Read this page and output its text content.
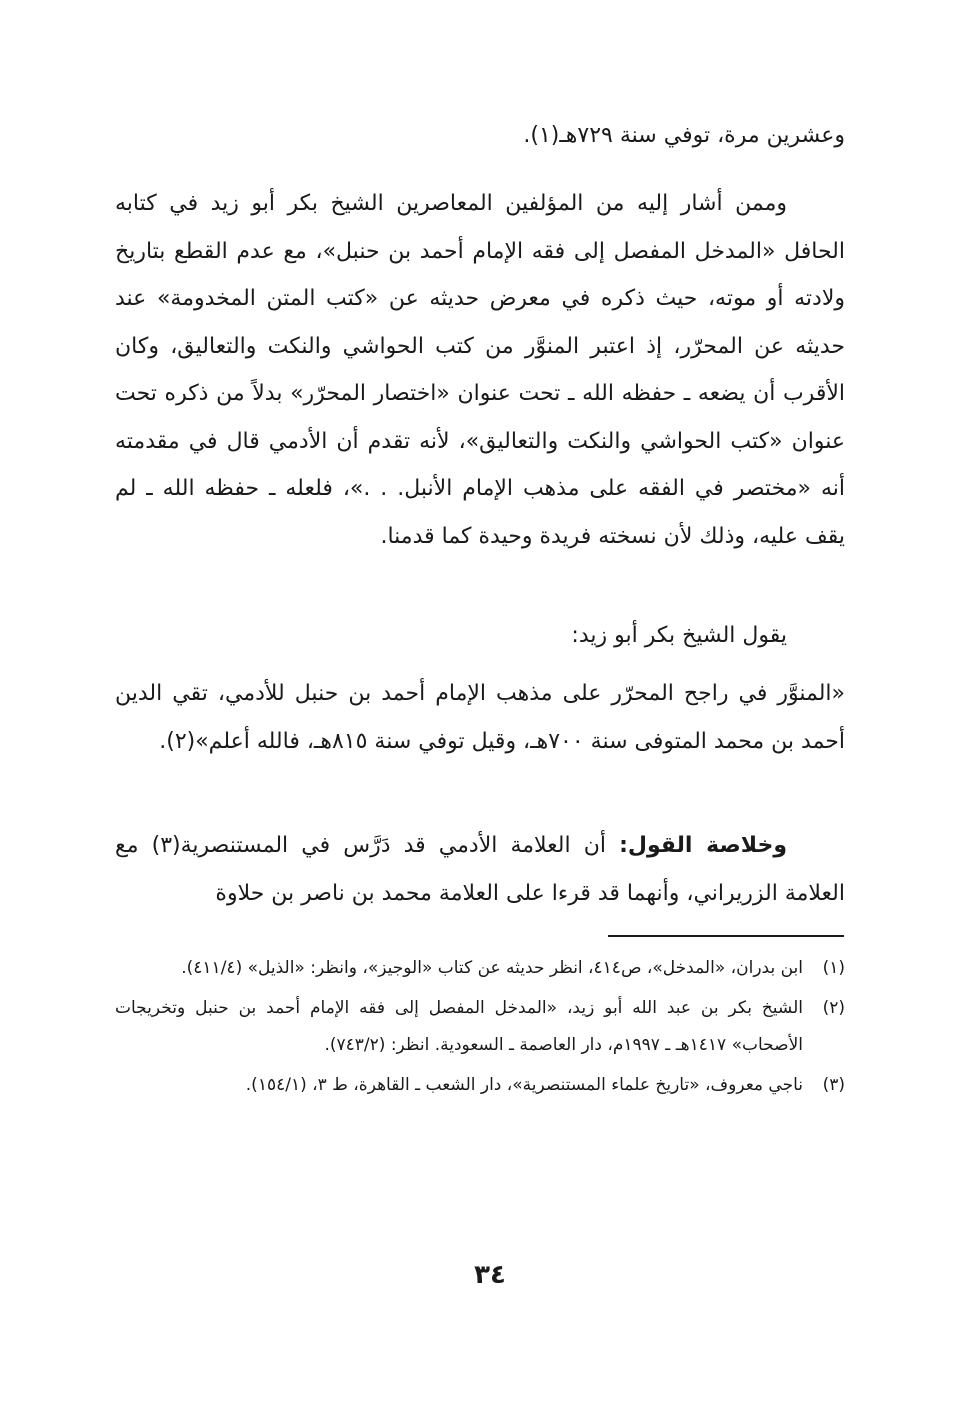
وعشرين مرة، توفي سنة ٧٢٩هـ(١).

وممن أشار إليه من المؤلفين المعاصرين الشيخ بكر أبو زيد في كتابه الحافل «المدخل المفصل إلى فقه الإمام أحمد بن حنبل»، مع عدم القطع بتاريخ ولادته أو موته، حيث ذكره في معرض حديثه عن «كتب المتن المخدومة» عند حديثه عن المحرّر، إذ اعتبر المنوَّر من كتب الحواشي والنكت والتعاليق، وكان الأقرب أن يضعه ـ حفظه الله ـ تحت عنوان «اختصار المحرّر» بدلاً من ذكره تحت عنوان «كتب الحواشي والنكت والتعاليق»، لأنه تقدم أن الأدمي قال في مقدمته أنه «مختصر في الفقه على مذهب الإمام الأنبل. . .»، فلعله ـ حفظه الله ـ لم يقف عليه، وذلك لأن نسخته فريدة وحيدة كما قدمنا.

يقول الشيخ بكر أبو زيد:

«المنوَّر في راجح المحرّر على مذهب الإمام أحمد بن حنبل للأدمي، تقي الدين أحمد بن محمد المتوفى سنة ٧٠٠هـ، وقيل توفي سنة ٨١٥هـ، فالله أعلم»(٢).

وخلاصة القول: أن العلامة الأدمي قد دَرَّس في المستنصرية(٣) مع العلامة الزريراني، وأنهما قد قرءا على العلامة محمد بن ناصر بن حلاوة

(١)
ابن بدران، «المدخل»، ص٤١٤، انظر حديثه عن كتاب «الوجيز»، وانظر: «الذيل» (٤١١/٤).
(٢)
الشيخ بكر بن عبد الله أبو زيد، «المدخل المفصل إلى فقه الإمام أحمد بن حنبل وتخريجات الأصحاب» ١٤١٧هـ ـ ١٩٩٧م، دار العاصمة ـ السعودية. انظر: (٧٤٣/٢).
(٣)
ناجي معروف، «تاريخ علماء المستنصرية»، دار الشعب ـ القاهرة، ط ٣، (١٥٤/١).
٣٤
